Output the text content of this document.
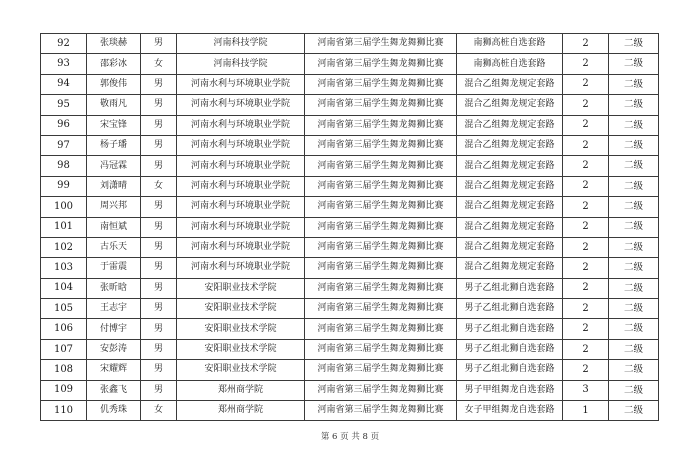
92	张琰赫	男	河南科技学院	河南省第三届学生舞龙舞狮比赛	南狮高桩自选套路	2	二级
93	邵彩冰	女	河南科技学院	河南省第三届学生舞龙舞狮比赛	南狮高桩自选套路	2	二级
94	郭俊伟	男	河南水利与环境职业学院	河南省第三届学生舞龙舞狮比赛	混合乙组舞龙规定套路	2	二级
95	敬雨凡	男	河南水利与环境职业学院	河南省第三届学生舞龙舞狮比赛	混合乙组舞龙规定套路	2	二级
96	宋宝锋	男	河南水利与环境职业学院	河南省第三届学生舞龙舞狮比赛	混合乙组舞龙规定套路	2	二级
97	杨子璠	男	河南水利与环境职业学院	河南省第三届学生舞龙舞狮比赛	混合乙组舞龙规定套路	2	二级
98	冯冠霖	男	河南水利与环境职业学院	河南省第三届学生舞龙舞狮比赛	混合乙组舞龙规定套路	2	二级
99	刘潇晴	女	河南水利与环境职业学院	河南省第三届学生舞龙舞狮比赛	混合乙组舞龙规定套路	2	二级
100	周兴邦	男	河南水利与环境职业学院	河南省第三届学生舞龙舞狮比赛	混合乙组舞龙规定套路	2	二级
101	南恒斌	男	河南水利与环境职业学院	河南省第三届学生舞龙舞狮比赛	混合乙组舞龙规定套路	2	二级
102	古乐天	男	河南水利与环境职业学院	河南省第三届学生舞龙舞狮比赛	混合乙组舞龙规定套路	2	二级
103	于雷震	男	河南水利与环境职业学院	河南省第三届学生舞龙舞狮比赛	混合乙组舞龙规定套路	2	二级
104	张昕晗	男	安阳职业技术学院	河南省第三届学生舞龙舞狮比赛	男子乙组北狮自选套路	2	二级
105	王志宇	男	安阳职业技术学院	河南省第三届学生舞龙舞狮比赛	男子乙组北狮自选套路	2	二级
106	付博宇	男	安阳职业技术学院	河南省第三届学生舞龙舞狮比赛	男子乙组北狮自选套路	2	二级
107	安彭涛	男	安阳职业技术学院	河南省第三届学生舞龙舞狮比赛	男子乙组北狮自选套路	2	二级
108	宋耀辉	男	安阳职业技术学院	河南省第三届学生舞龙舞狮比赛	男子乙组北狮自选套路	2	二级
109	张鑫飞	男	郑州商学院	河南省第三届学生舞龙舞狮比赛	男子甲组舞龙自选套路	3	二级
110	仉秀珠	女	郑州商学院	河南省第三届学生舞龙舞狮比赛	女子甲组舞龙自选套路	1	二级
第 6 页 共 8 页
